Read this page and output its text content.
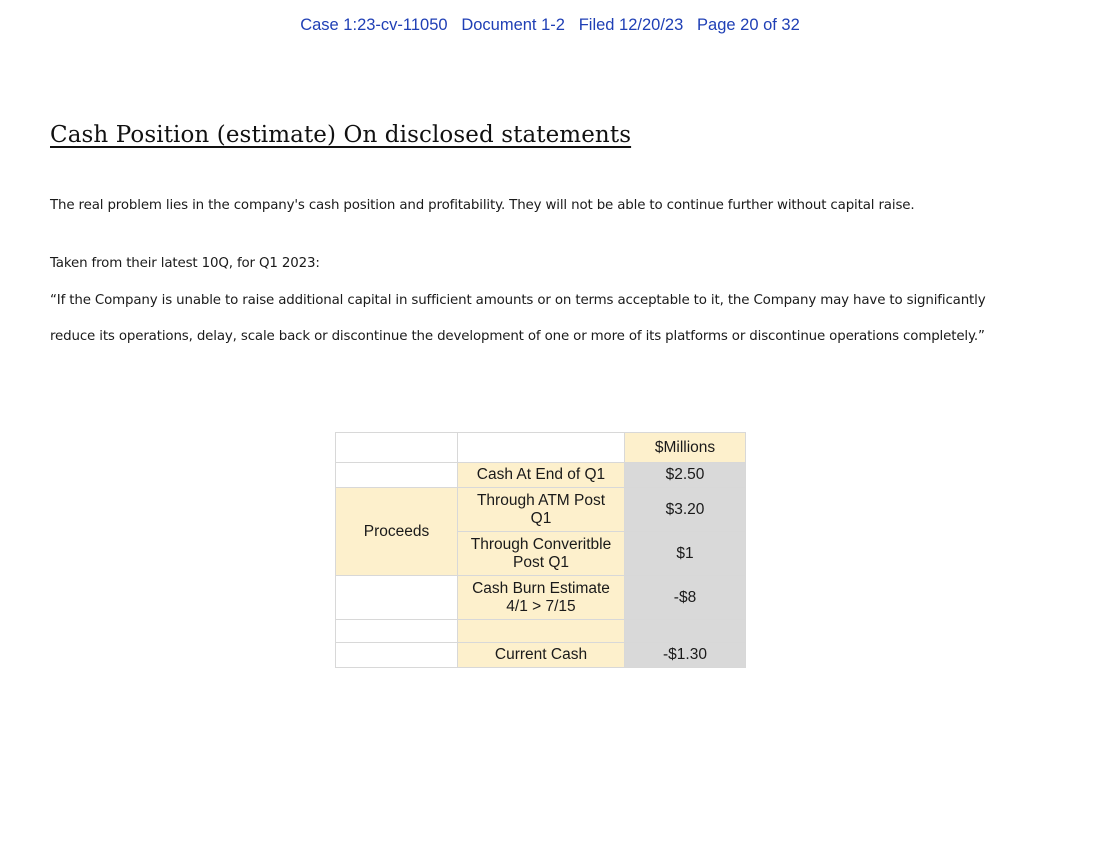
Case 1:23-cv-11050   Document 1-2   Filed 12/20/23   Page 20 of 32
Cash Position (estimate) On disclosed statements

The real problem lies in the company's cash position and profitability. They will not be able to continue further without capital raise.

Taken from their latest 10Q, for Q1 2023:

“If the Company is unable to raise additional capital in sufficient amounts or on terms acceptable to it, the Company may have to significantly

reduce its operations, delay, scale back or discontinue the development of one or more of its platforms or discontinue operations completely.”

		$Millions	
	Cash At End of Q1	$2.50	
Proceeds	Through ATM Post Q1	$3.20	
	Through Converitble Post Q1	$1	
	Cash Burn Estimate 4/1 > 7/15	-$8	

	Current Cash	-$1.30	
